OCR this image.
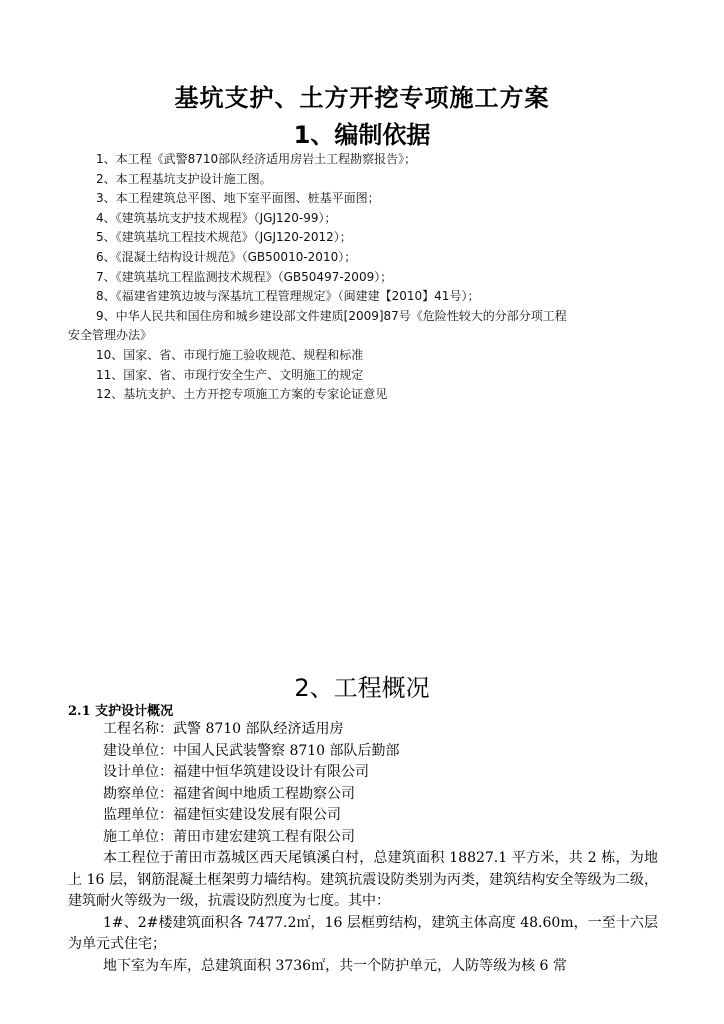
基坑支护、土方开挖专项施工方案
1、编制依据
1、本工程《武警8710部队经济适用房岩土工程勘察报告》；
2、本工程基坑支护设计施工图。
3、本工程建筑总平图、地下室平面图、桩基平面图；
4、《建筑基坑支护技术规程》（JGJ120-99）；
5、《建筑基坑工程技术规范》（JGJ120-2012）；
6、《混凝土结构设计规范》（GB50010-2010）；
7、《建筑基坑工程监测技术规程》（GB50497-2009）；
8、《福建省建筑边坡与深基坑工程管理规定》（闽建建【2010】41号）；
9、中华人民共和国住房和城乡建设部文件建质[2009]87号《危险性较大的分部分项工程
安全管理办法》
10、国家、省、市现行施工验收规范、规程和标准
11、国家、省、市现行安全生产、文明施工的规定
12、基坑支护、土方开挖专项施工方案的专家论证意见
2、工程概况
2.1 支护设计概况
工程名称：武警 8710 部队经济适用房
建设单位：中国人民武装警察 8710 部队后勤部
设计单位：福建中恒华筑建设设计有限公司
勘察单位：福建省闽中地质工程勘察公司
监理单位：福建恒实建设发展有限公司
施工单位：莆田市建宏建筑工程有限公司

本工程位于莆田市荔城区西天尾镇溪白村，总建筑面积 18827.1 平方米，共 2 栋，为地上 16 层，钢筋混凝土框架剪力墙结构。建筑抗震设防类别为丙类，建筑结构安全等级为二级，建筑耐火等级为一级，抗震设防烈度为七度。其中：

1#、2#楼建筑面积各 7477.2㎡，16 层框剪结构，建筑主体高度 48.60m，一至十六层为单元式住宅；

地下室为车库，总建筑面积 3736㎡，共一个防护单元，人防等级为核 6 常
